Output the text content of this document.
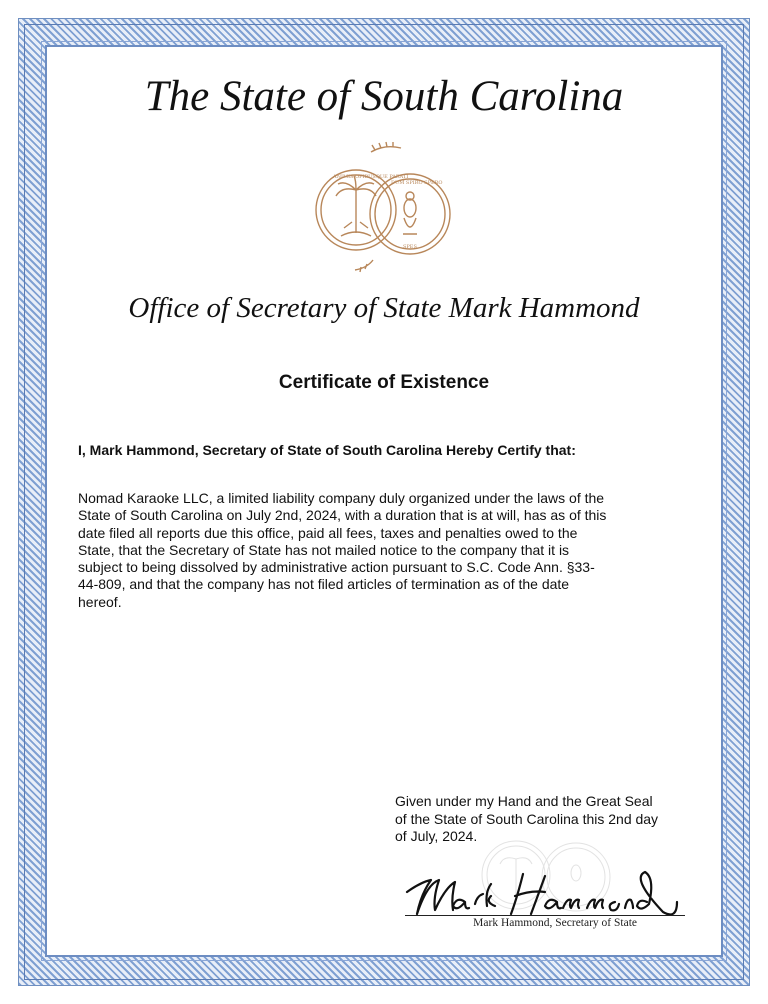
The State of South Carolina
ANIMIS OPIBUSQUE PARATI
DUM SPIRO SPERO
SPES
Office of Secretary of State Mark Hammond
Certificate of Existence
I, Mark Hammond, Secretary of State of South Carolina Hereby Certify that:
Nomad Karaoke LLC, a limited liability company duly organized under the laws of the
State of South Carolina on July 2nd, 2024, with a duration that is at will, has as of this
date filed all reports due this office, paid all fees, taxes and penalties owed to the
State, that the Secretary of State has not mailed notice to the company that it is
subject to being dissolved by administrative action pursuant to S.C. Code Ann. §33-
44-809, and that the company has not filed articles of termination as of the date
hereof.
Given under my Hand and the Great Seal
of the State of South Carolina this 2nd day
of July, 2024.
Mark Hammond, Secretary of State
